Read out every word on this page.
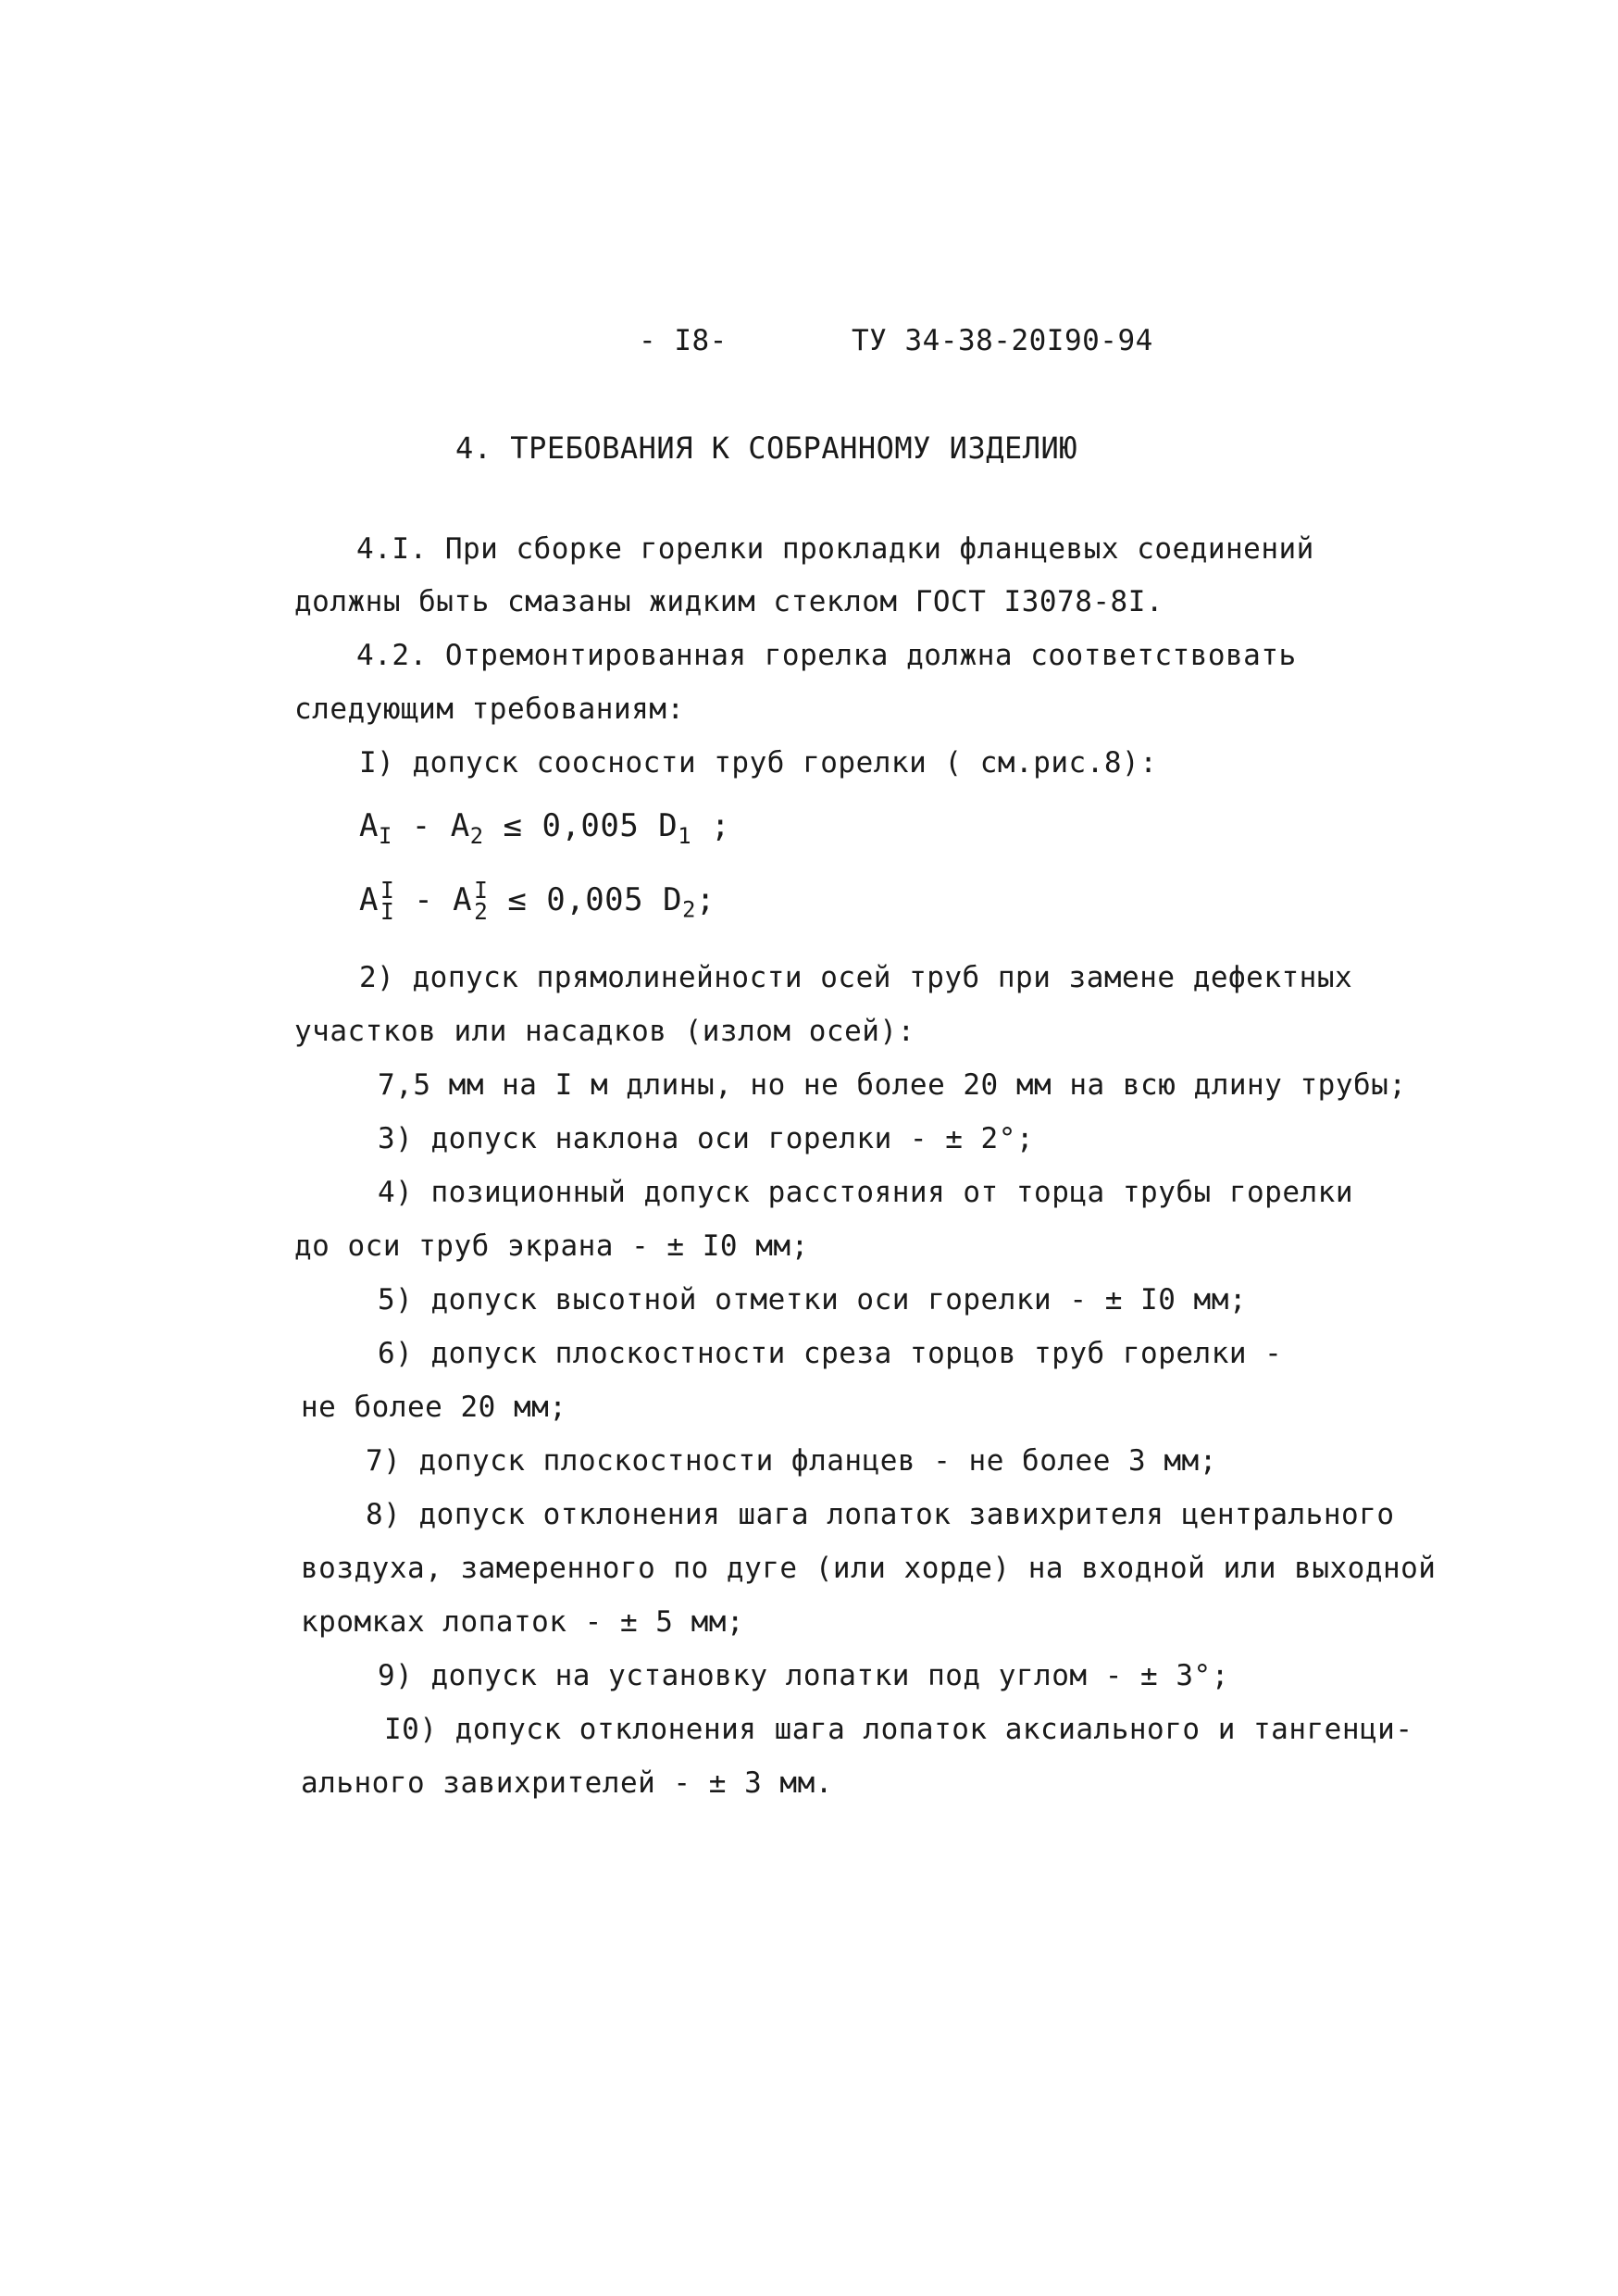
- I8-	ТУ 34-38-20I90-94
4. ТРЕБОВАНИЯ К СОБРАННОМУ ИЗДЕЛИЮ
4.I. При сборке горелки прокладки фланцевых соединений
должны быть смазаны жидким стеклом ГОСТ I3078-8I.
4.2. Отремонтированная горелка должна соответствовать
следующим требованиям:
I) допуск соосности труб горелки ( см.рис.8):
$A_I - A_2 \le 0,005$ $D_1$ ;
A I
I - A I
2 ≤ 0,005 $D_2$;
2) допуск прямолинейности осей труб при замене дефектных
участков или насадков (излом осей):
7,5 мм на I м длины, но не более 20 мм на всю длину трубы;
3) допуск наклона оси горелки - ± 2°;
4) позиционный допуск расстояния от торца трубы горелки
до оси труб экрана - ± I0 мм;
5) допуск высотной отметки оси горелки - ± I0 мм;
6) допуск плоскостности среза торцов труб горелки -
не более 20 мм;
7) допуск плоскостности фланцев - не более 3 мм;
8) допуск отклонения шага лопаток завихрителя центрального
воздуха, замеренного по дуге (или хорде) на входной или выходной
кромках лопаток - ± 5 мм;
9) допуск на установку лопатки под углом - ± 3°;
I0) допуск отклонения шага лопаток аксиального и тангенци-
ального завихрителей - ± 3 мм.
